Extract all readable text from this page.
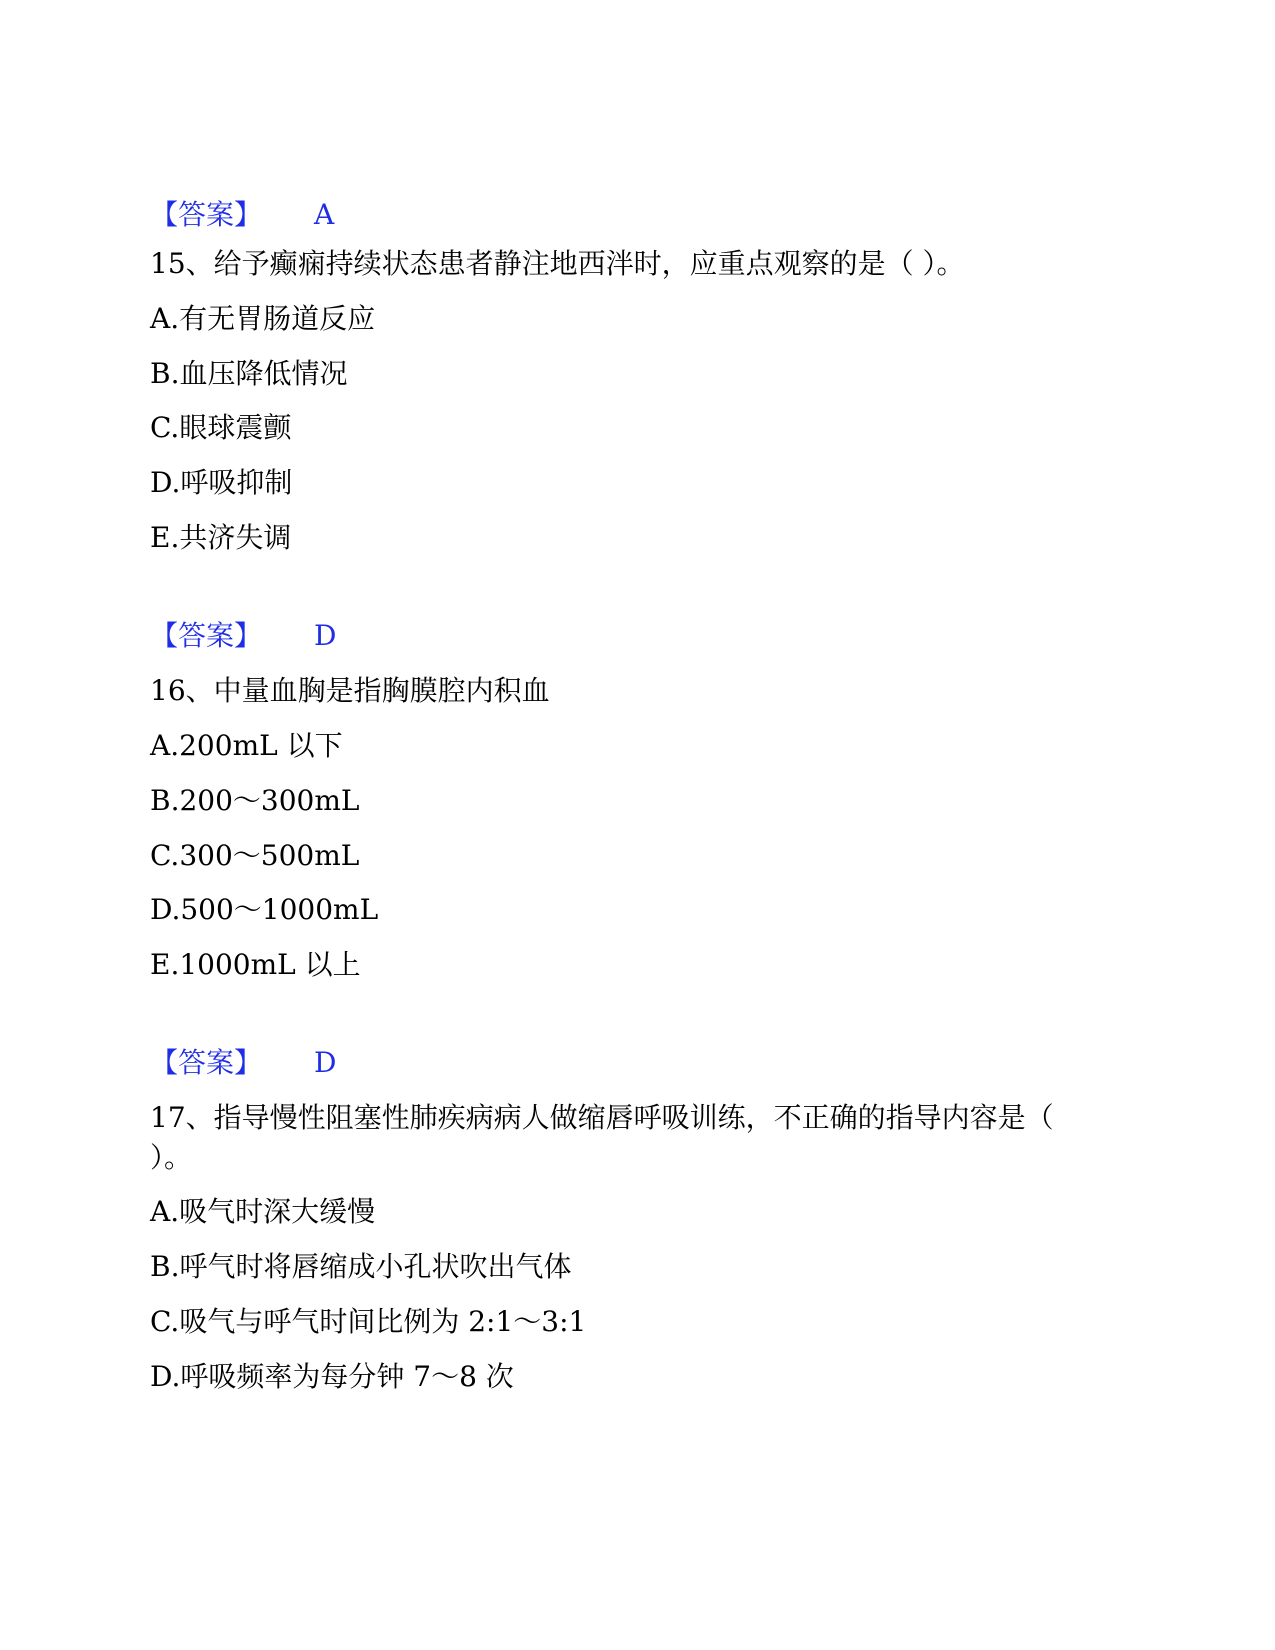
【答案】 A
15、给予癫痫持续状态患者静注地西泮时，应重点观察的是（ ）。
A.有无胃肠道反应
B.血压降低情况
C.眼球震颤
D.呼吸抑制
E.共济失调
【答案】 D
16、中量血胸是指胸膜腔内积血
A.200mL 以下
B.200～300mL
C.300～500mL
D.500～1000mL
E.1000mL 以上
【答案】 D
17、指导慢性阻塞性肺疾病病人做缩唇呼吸训练，不正确的指导内容是（
）。
A.吸气时深大缓慢
B.呼气时将唇缩成小孔状吹出气体
C.吸气与呼气时间比例为 2:1～3:1
D.呼吸频率为每分钟 7～8 次
